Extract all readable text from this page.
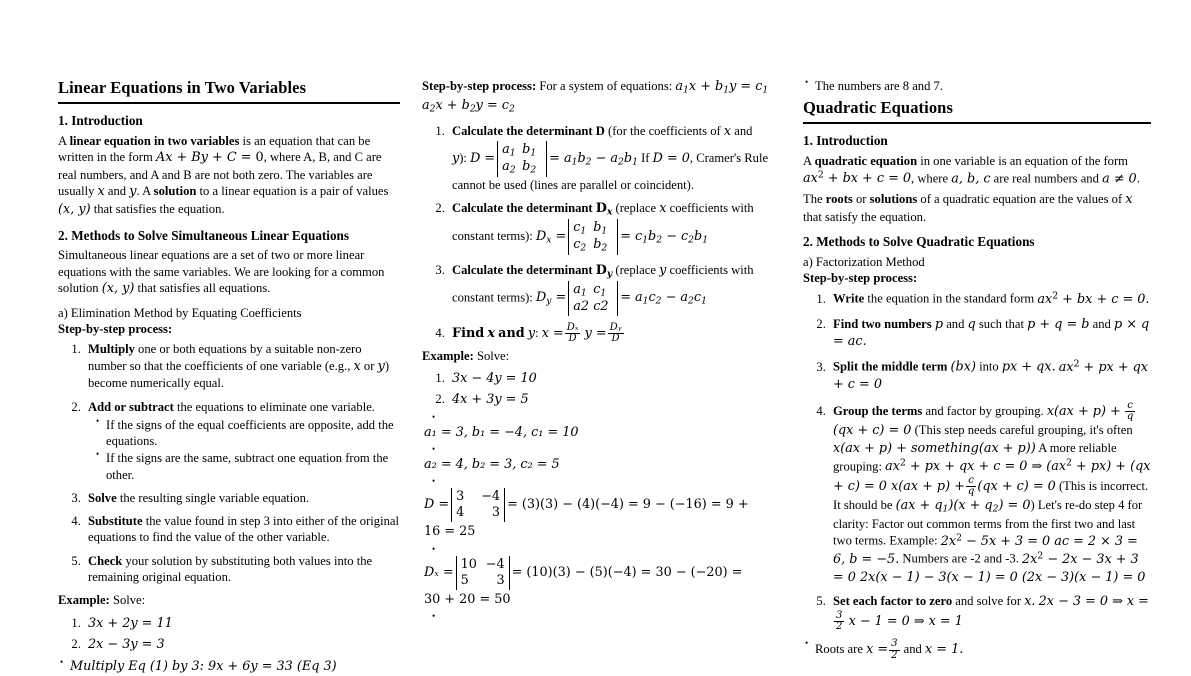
Linear Equations in Two Variables
1. Introduction

A linear equation in two variables is an equation that can be written in the form Ax + By + C = 0, where A, B, and C are real numbers, and A and B are not both zero. The variables are usually x and y. A solution to a linear equation is a pair of values (x, y) that satisfies the equation.

2. Methods to Solve Simultaneous Linear Equations

Simultaneous linear equations are a set of two or more linear equations with the same variables. We are looking for a common solution (x, y) that satisfies all equations.

a) Elimination Method by Equating Coefficients

Step-by-step process:

1. Multiply one or both equations by a suitable non-zero number so that the coefficients of one variable (e.g., x or y) become numerically equal.
2. Add or subtract the equations to eliminate one variable.
• If the signs of the equal coefficients are opposite, add the equations.
• If the signs are the same, subtract one equation from the other.
3. Solve the resulting single variable equation.
4. Substitute the value found in step 3 into either of the original equations to find the value of the other variable.
5. Check your solution by substituting both values into the remaining original equation.

Example: Solve:

1. 3x + 2y = 11
2. 2x − 3y = 3
• Multiply Eq (1) by 3: 9x + 6y = 33 (Eq 3)

Step-by-step process: For a system of equations: $a_1x + b_1y = c_1$ $a_2x + b_2y = c_2$

1. Calculate the determinant D (for the coefficients of x and y): D =
$a_1$ $b_1$
$a_2$ $b_2$
= $a_1b_2 - a_2b_1$ If D = 0, Cramer's Rule cannot be used (lines are parallel or coincident).
2. Calculate the determinant $D_x$ (replace x coefficients with constant terms): $D_x$ =
$c_1$ $b_1$
$c_2$ $b_2$
= $c_1b_2 - c_2b_1$
3. Calculate the determinant $D_y$ (replace y coefficients with constant terms): $D_y$ =
$a_1$ $c_1$
a2 c2
= $a_1c_2 - a_2c_1$
4. Find x and y: $x = \frac{\text{Dₓ}}{D}$ $y = \frac{\text{Dᵧ}}{D}$

Example: Solve:

1. 3x − 4y = 10
2. 4x + 3y = 5
•
a₁ = 3, b₁ = −4, c₁ = 10
•
a₂ = 4, b₂ = 3, c₂ = 5
•
D =
3 −4
4 3
= (3)(3) − (4)(−4) = 9 − (−16) = 9 +
16 = 25
•
Dₓ =
10 −4
5 3
= (10)(3) − (5)(−4) = 30 − (−20) =
30 + 20 = 50
•
• The numbers are 8 and 7.
Quadratic Equations
1. Introduction

A quadratic equation in one variable is an equation of the form $ax^2$ + bx + c = 0, where a, b, c are real numbers and a ≠ 0.

The roots or solutions of a quadratic equation are the values of x that satisfy the equation.

2. Methods to Solve Quadratic Equations

a) Factorization Method

Step-by-step process:

1. Write the equation in the standard form $ax^2$ + bx + c = 0.
2. Find two numbers p and q such that p + q = b and p × q = ac.
3. Split the middle term (bx) into px + qx. $ax^2$ + px + qx + c = 0
4. Group the terms and factor by grouping. $x(ax + p) + \frac{c}{q}$
(qx + c) = 0 (This step needs careful grouping, it's often x(ax + p) + something(ax + p)) A more reliable grouping: $ax^2$ + px + qx + c = 0 ⇒ $(ax^2 + px) + (qx + c) = 0$ $x(ax + p) + \frac{c}{q} (qx + c) = 0$ (This is incorrect. It should be $(ax + q_1)(x + q_2) = 0$) Let's re-do step 4 for clarity: Factor out common terms from the first two and last two terms. Example: $2x^2 - 5x + 3 = 0$ ac = 2 × 3 = 6, b = −5. Numbers are -2 and -3. $2x^2 - 2x - 3x + 3 = 0$ 2x(x − 1) − 3(x − 1) = 0 (2x − 3)(x − 1) = 0
5. Set each factor to zero and solve for x. 2x − 3 = 0 ⇒ x =
$\frac{3}{2}$ x − 1 = 0 ⇒ x = 1
• Roots are $x = \frac{3}{2}$ and x = 1.
